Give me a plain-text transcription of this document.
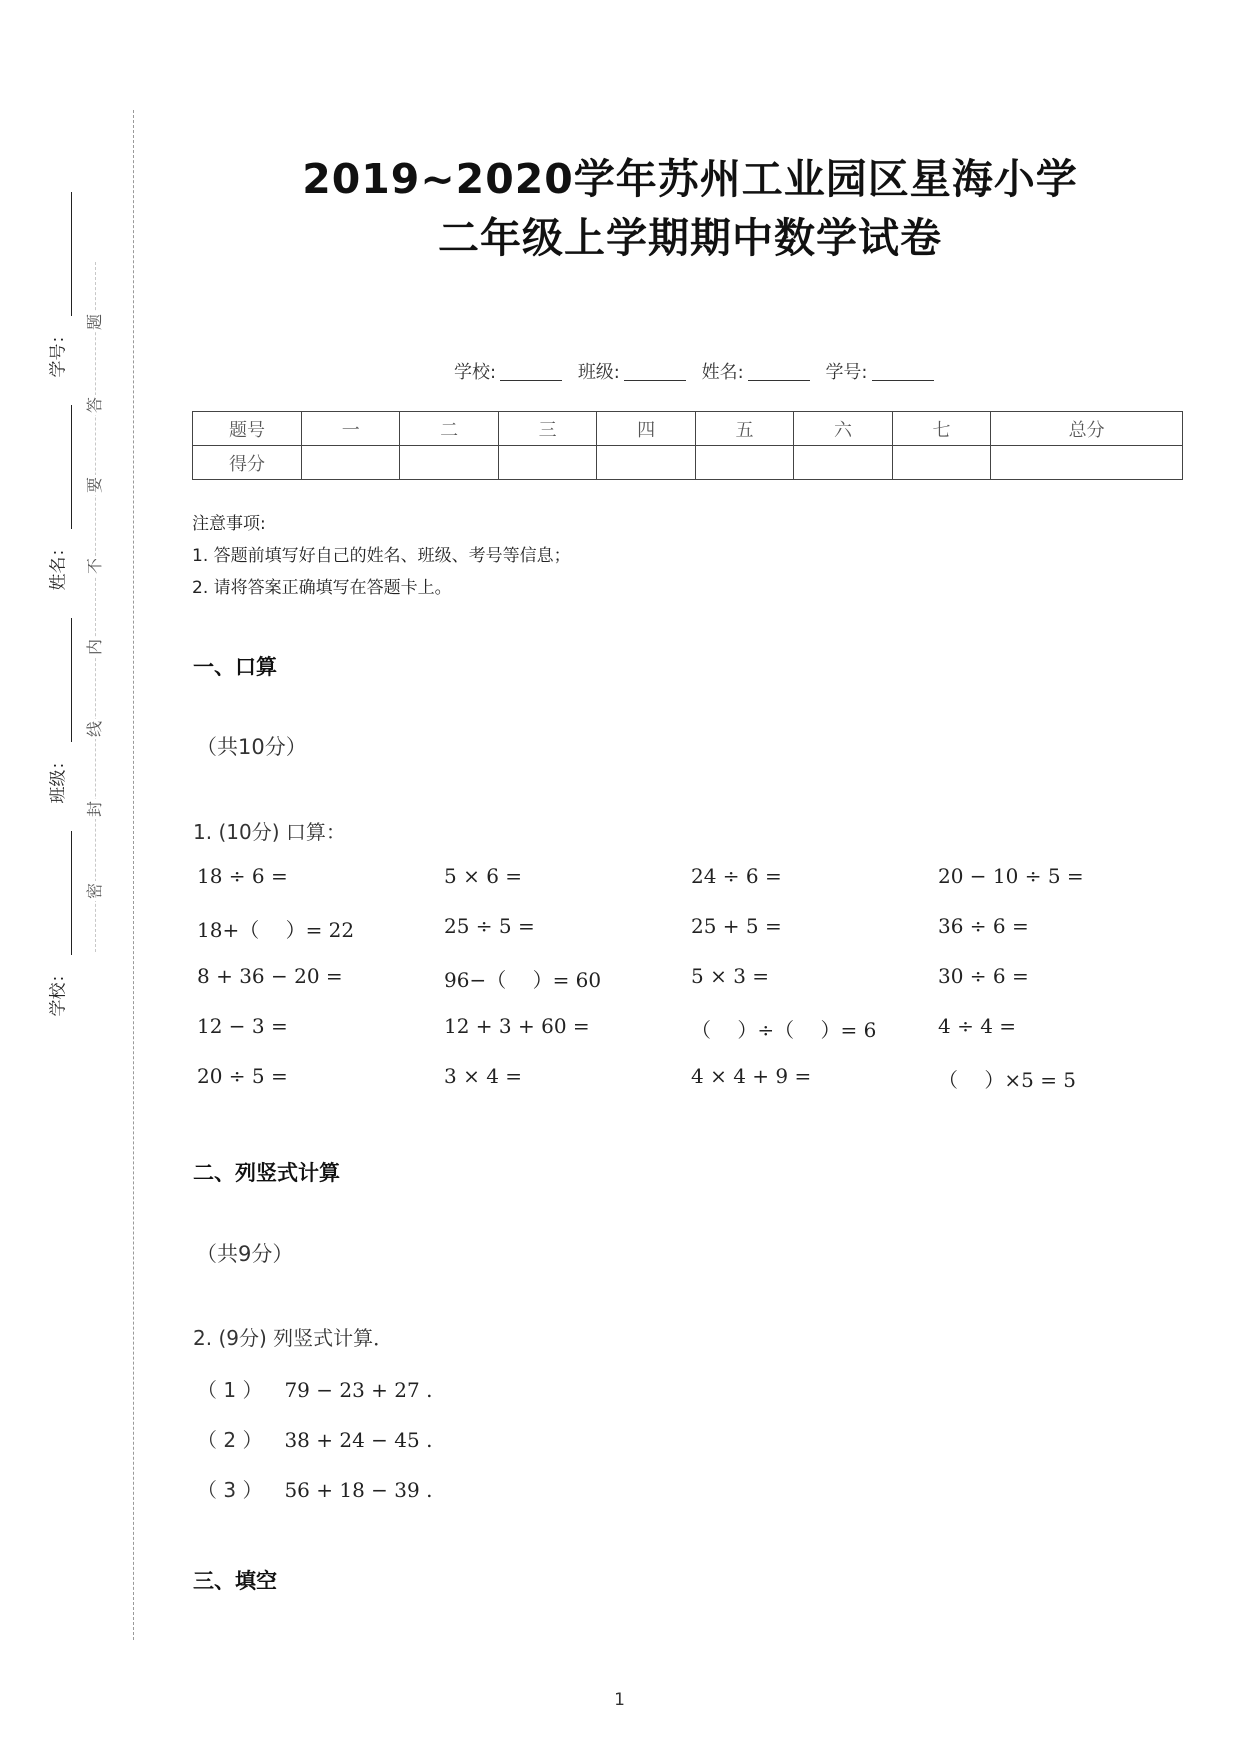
密
封
线
内
不
要
答
题
学号：
姓名：
班级：
学校：
2019~2020学年苏州工业园区星海小学
二年级上学期期中数学试卷
学校:	班级:	姓名:	学号:
题号	一	二	三	四	五	六	七	总分
得分								
注意事项:
1. 答题前填写好自己的姓名、班级、考号等信息；
2. 请将答案正确填写在答题卡上。
一、口算
（共10分）
1. (10分) 口算：
18 ÷ 6 =	5 × 6 =	24 ÷ 6 =	20 − 10 ÷ 5 =
18+（　 ）= 22	25 ÷ 5 =	25 + 5 =	36 ÷ 6 =
8 + 36 − 20 =	96−（　 ）= 60	5 × 3 =	30 ÷ 6 =
12 − 3 =	12 + 3 + 60 =	（　 ）÷（　 ）= 6	4 ÷ 4 =
20 ÷ 5 =	3 × 4 =	4 × 4 + 9 =	（　 ）×5 = 5
二、列竖式计算
（共9分）
2. (9分) 列竖式计算．
（ 1 ） 79 − 23 + 27 .
（ 2 ） 38 + 24 − 45 .
（ 3 ） 56 + 18 − 39 .
三、填空
1
